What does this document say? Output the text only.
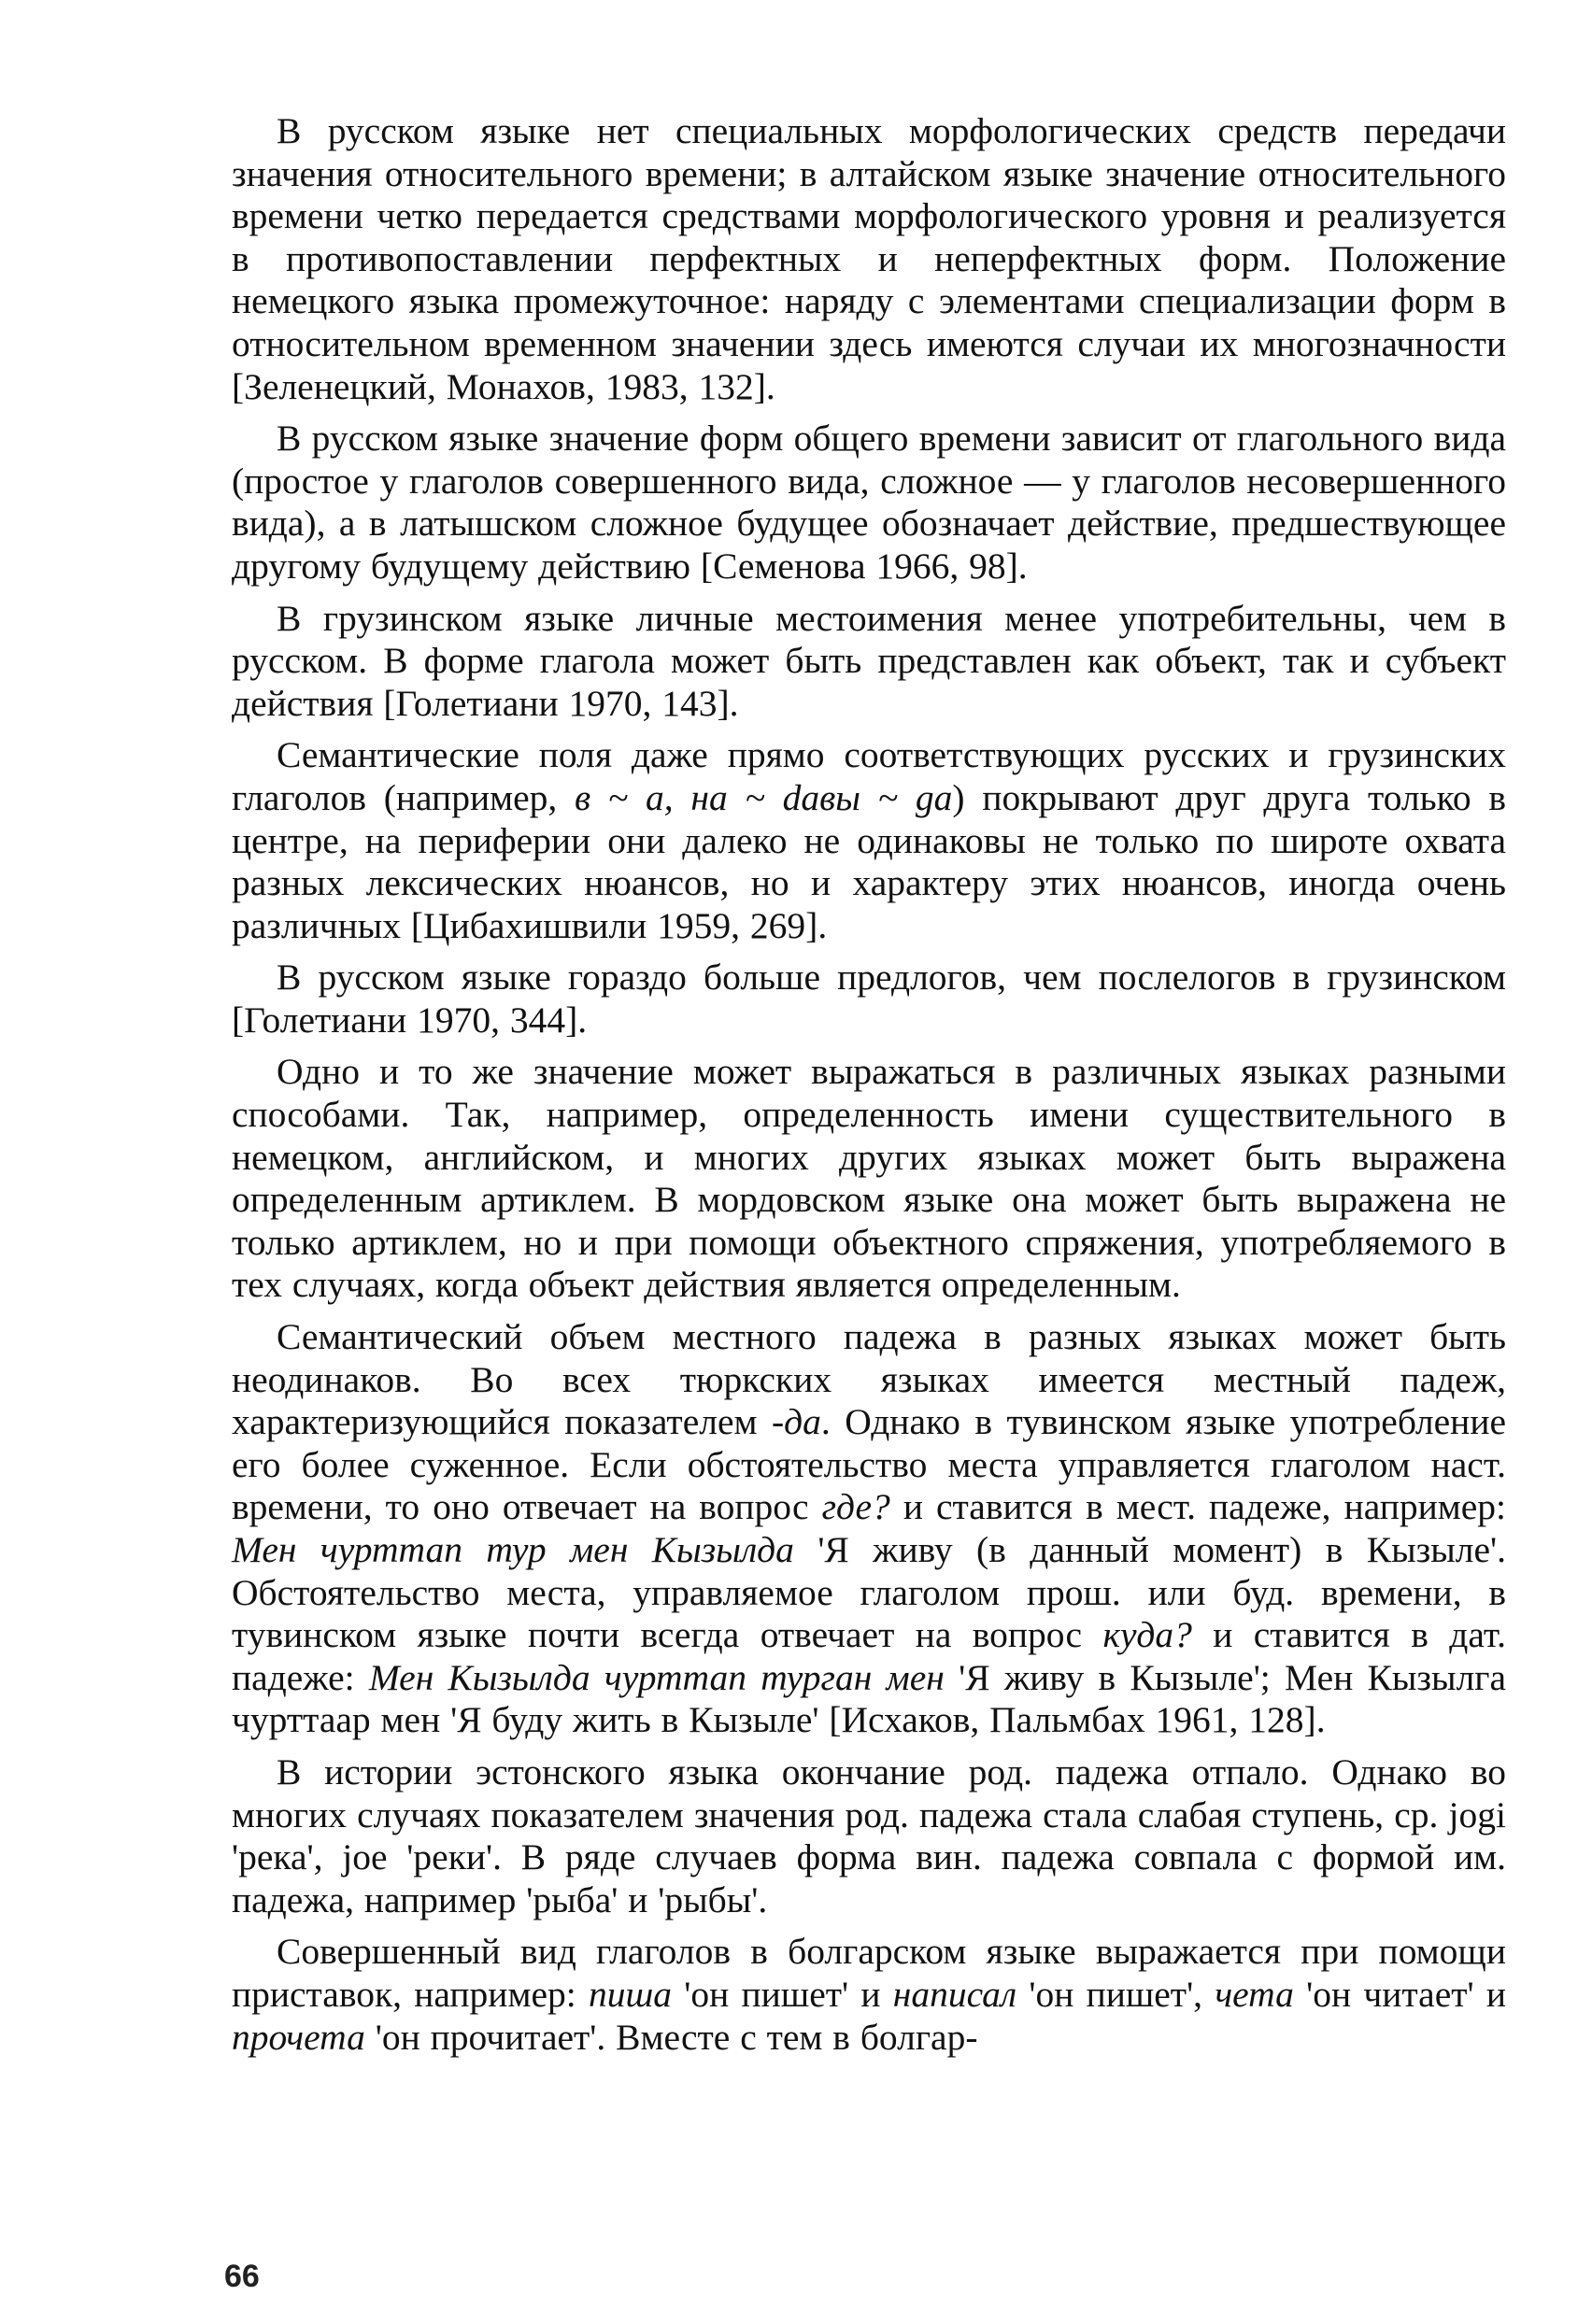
В русском языке нет специальных морфологических средств передачи значения относительного времени; в алтайском языке значение относительного времени четко передается средствами морфологического уровня и реализуется в противопоставлении перфектных и неперфектных форм. Положение немецкого языка промежуточное: наряду с элементами специализации форм в относительном временном значении здесь имеются случаи их многозначности [Зеленецкий, Монахов, 1983, 132].

В русском языке значение форм общего времени зависит от глагольного вида (простое у глаголов совершенного вида, сложное — у глаголов несовершенного вида), а в латышском сложное будущее обозначает действие, предшествующее другому будущему действию [Семенова 1966, 98].

В грузинском языке личные местоимения менее употребительны, чем в русском. В форме глагола может быть представлен как объект, так и субъект действия [Голетиани 1970, 143].

Семантические поля даже прямо соответствующих русских и грузинских глаголов (например, в ~ а, на ~ dавы ~ gа) покрывают друг друга только в центре, на периферии они далеко не одинаковы не только по широте охвата разных лексических нюансов, но и характеру этих нюансов, иногда очень различных [Цибахишвили 1959, 269].

В русском языке гораздо больше предлогов, чем послелогов в грузинском [Голетиани 1970, 344].

Одно и то же значение может выражаться в различных языках разными способами. Так, например, определенность имени существительного в немецком, английском, и многих других языках может быть выражена определенным артиклем. В мордовском языке она может быть выражена не только артиклем, но и при помощи объектного спряжения, употребляемого в тех случаях, когда объект действия является определенным.

Семантический объем местного падежа в разных языках может быть неодинаков. Во всех тюркских языках имеется местный падеж, характеризующийся показателем -да. Однако в тувинском языке употребление его более суженное. Если обстоятельство места управляется глаголом наст. времени, то оно отвечает на вопрос где? и ставится в мест. падеже, например: Мен чурттап тур мен Кызылда 'Я живу (в данный момент) в Кызыле'. Обстоятельство места, управляемое глаголом прош. или буд. времени, в тувинском языке почти всегда отвечает на вопрос куда? и ставится в дат. падеже: Мен Кызылда чурттап турган мен 'Я живу в Кызыле'; Мен Кызылга чурттаар мен 'Я буду жить в Кызыле' [Исхаков, Пальмбах 1961, 128].

В истории эстонского языка окончание род. падежа отпало. Однако во многих случаях показателем значения род. падежа стала слабая ступень, ср. jogi 'река', joe 'реки'. В ряде случаев форма вин. падежа совпала с формой им. падежа, например 'рыба' и 'рыбы'.

Совершенный вид глаголов в болгарском языке выражается при помощи приставок, например: пиша 'он пишет' и написал 'он пишет', чета 'он читает' и прочета 'он прочитает'. Вместе с тем в болгар-

66
